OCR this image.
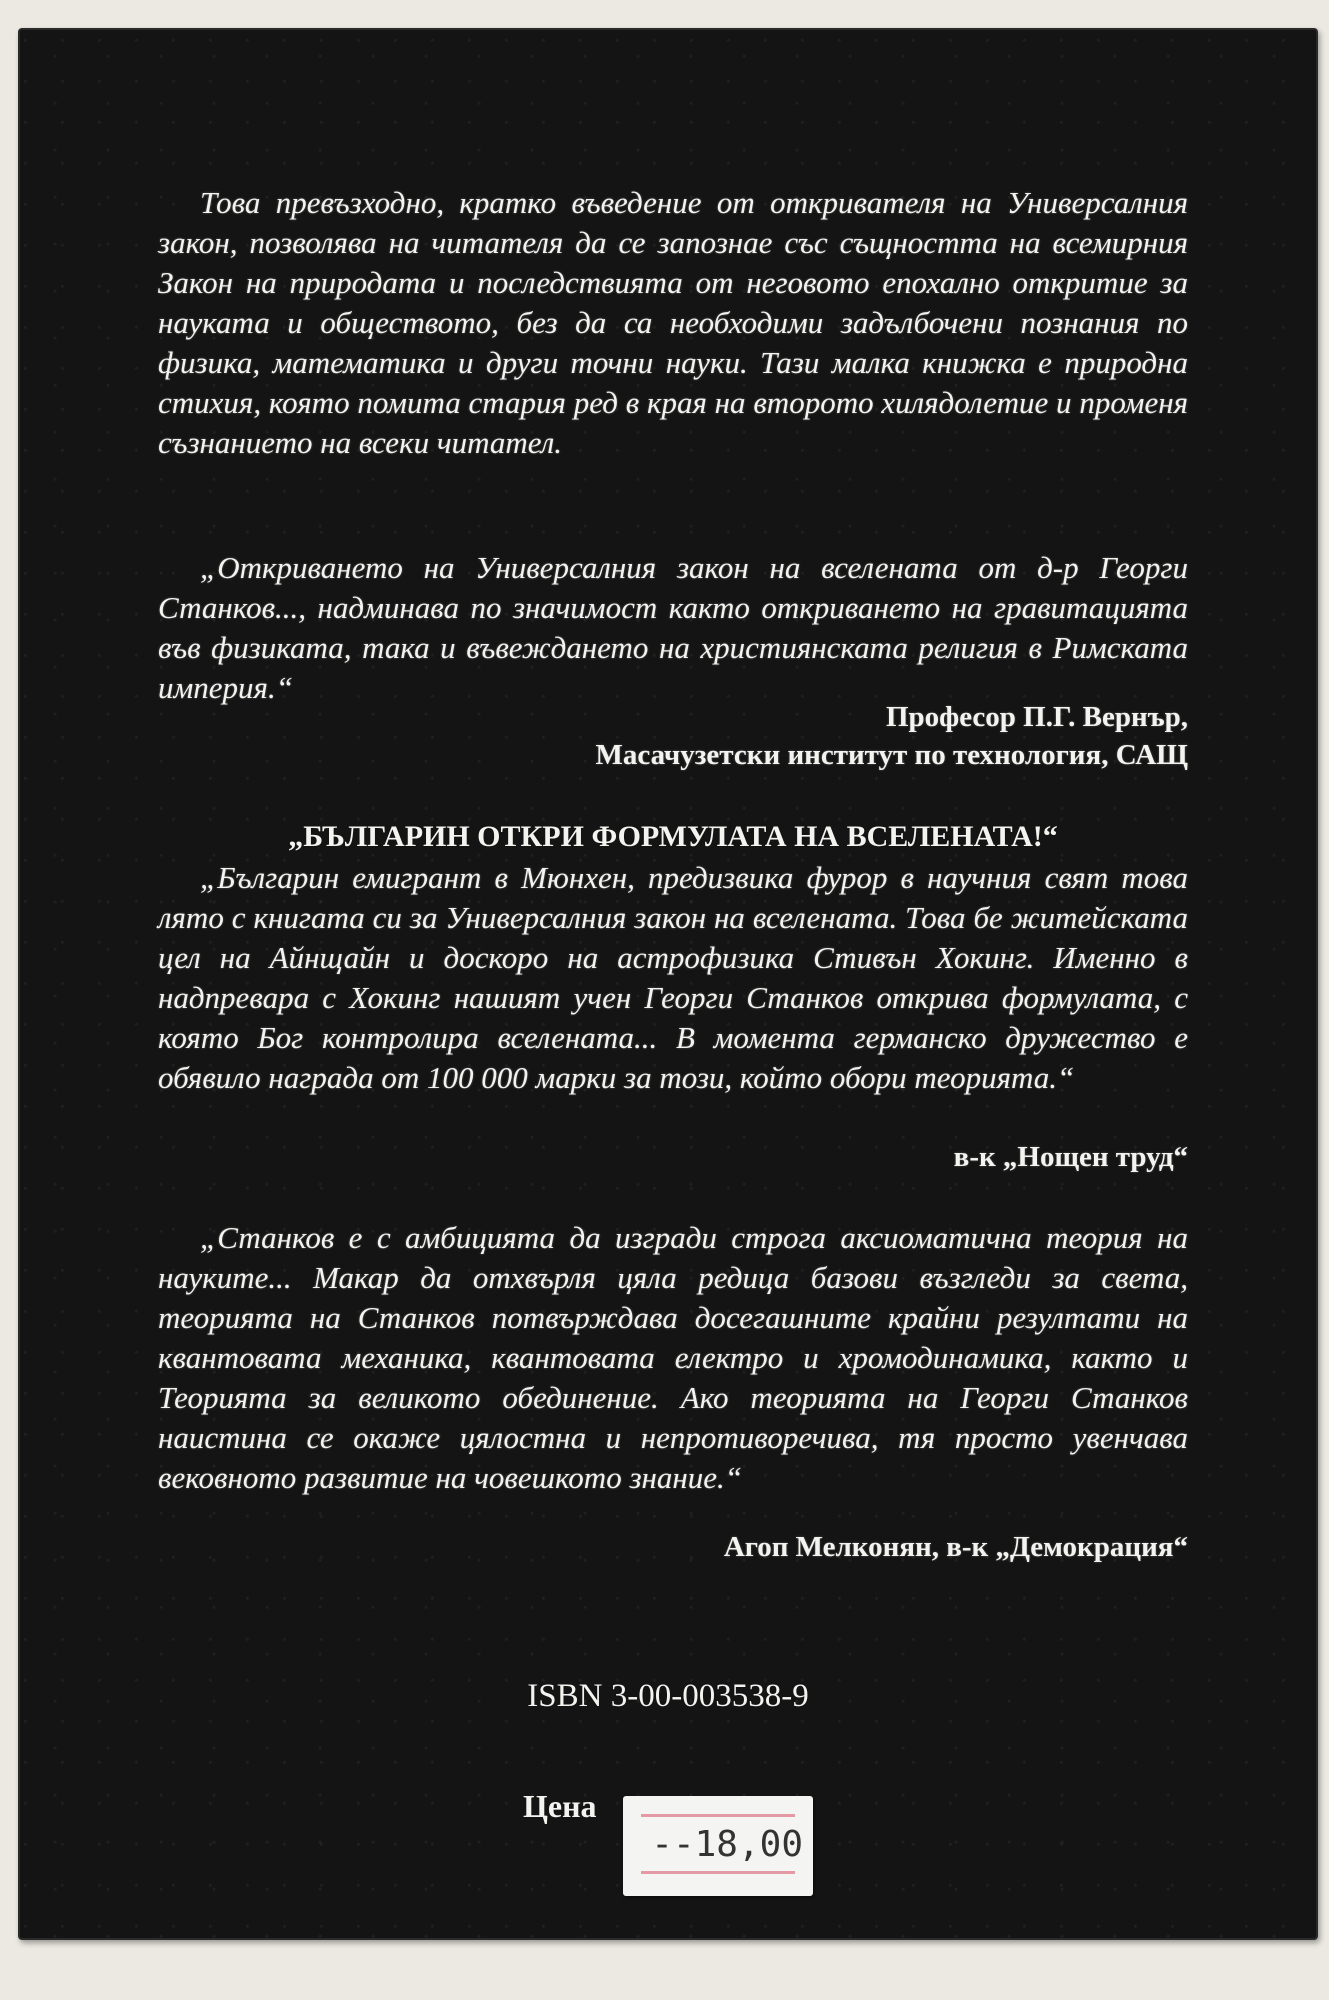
Това превъзходно, кратко въведение от откривателя на Универсалния закон, позволява на читателя да се запознае със същността на всемирния Закон на природата и последствията от неговото епохално откритие за науката и обществото, без да са необходими задълбочени познания по физика, математика и други точни науки. Тази малка книжка е природна стихия, която помита стария ред в края на второто хилядолетие и променя съзнанието на всеки читател.
„Откриването на Универсалния закон на вселената от д-р Георги Станков..., надминава по значимост както откриването на гравитацията във физиката, така и въвеждането на християнската религия в Римската империя.“
Професор П.Г. Вернър,
Масачузетски институт по технология, САЩ
„БЪЛГАРИН ОТКРИ ФОРМУЛАТА НА ВСЕЛЕНАТА!“
„Българин емигрант в Мюнхен, предизвика фурор в научния свят това лято с книгата си за Универсалния закон на вселената. Това бе житейската цел на Айнщайн и доскоро на астрофизика Стивън Хокинг. Именно в надпревара с Хокинг нашият учен Георги Станков открива формулата, с която Бог контролира вселената... В момента германско дружество е обявило награда от 100 000 марки за този, който обори теорията.“
в-к „Нощен труд“
„Станков е с амбицията да изгради строга аксиоматична теория на науките... Макар да отхвърля цяла редица базови възгледи за света, теорията на Станков потвърждава досегашните крайни резултати на квантовата механика, квантовата електро и хромодинамика, както и Теорията за великото обединение. Ако теорията на Георги Станков наистина се окаже цялостна и непротиворечива, тя просто увенчава вековното развитие на човешкото знание.“
Агоп Мелконян, в-к „Демокрация“
ISBN 3-00-003538-9
Цена
--18,00
